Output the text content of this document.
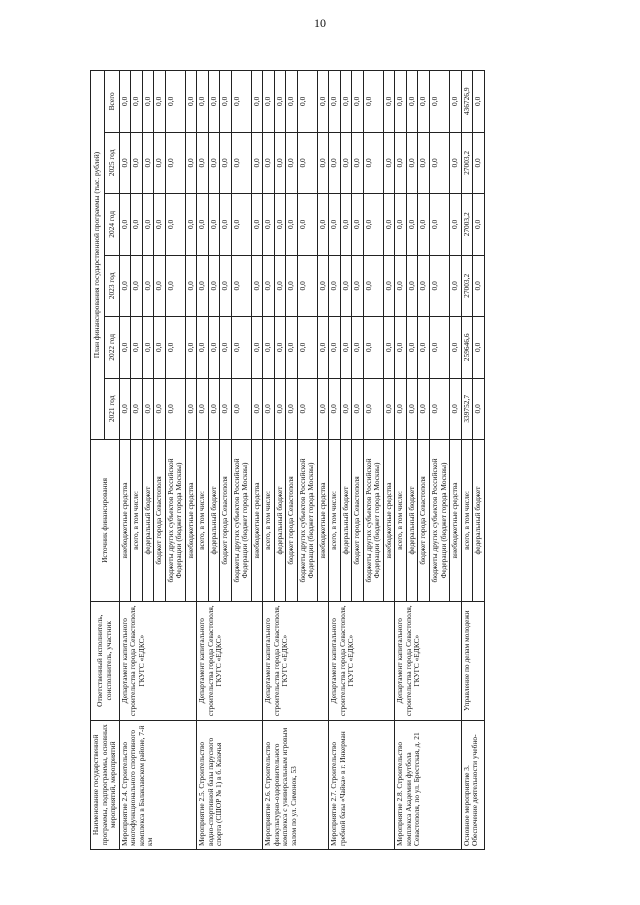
10
Наименование государственной программы, подпрограммы, основных мероприятий, мероприятий	Ответственный исполнитель, соисполнитель, участник	Источник финансирования	План финансирования государственной программы (тыс. рублей)					
			2021 год	2022 год	2023 год	2024 год	2025 год	Всего
Мероприятие 2.4. Строительство многофункционального спортивного комплекса в Балаклавском районе, 7-й км	Департамент капитального строительства города Севастополя, ГКУГС «ЕДКС»	внебюджетные средства	0,0	0,0	0,0	0,0	0,0	0,0
		всего, в том числе:	0,0	0,0	0,0	0,0	0,0	0,0
		федеральный бюджет	0,0	0,0	0,0	0,0	0,0	0,0
		бюджет города Севастополя	0,0	0,0	0,0	0,0	0,0	0,0
		бюджеты других субъектов Российской Федерации (бюджет города Москвы)	0,0	0,0	0,0	0,0	0,0	0,0
		внебюджетные средства	0,0	0,0	0,0	0,0	0,0	0,0
Мероприятие 2.5. Строительство воднo-спортивной базы парусного спорта (СШОР № 1) в б. Казачья	Департамент капитального строительства города Севастополя, ГКУГС «ЕДКС»	всего, в том числе:	0,0	0,0	0,0	0,0	0,0	0,0
		федеральный бюджет	0,0	0,0	0,0	0,0	0,0	0,0
		бюджет города Севастополя	0,0	0,0	0,0	0,0	0,0	0,0
		бюджеты других субъектов Российской Федерации (бюджет города Москвы)	0,0	0,0	0,0	0,0	0,0	0,0
		внебюджетные средства	0,0	0,0	0,0	0,0	0,0	0,0
Мероприятие 2.6. Строительство физкультурно-оздоровительного комплекса с универсальным игровым залом по ул. Симонок, 53	Департамент капитального строительства города Севастополя, ГКУГС «ЕДКС»	всего, в том числе:	0,0	0,0	0,0	0,0	0,0	0,0
		федеральный бюджет	0,0	0,0	0,0	0,0	0,0	0,0
		бюджет города Севастополя	0,0	0,0	0,0	0,0	0,0	0,0
		бюджеты других субъектов Российской Федерации (бюджет города Москвы)	0,0	0,0	0,0	0,0	0,0	0,0
		внебюджетные средства	0,0	0,0	0,0	0,0	0,0	0,0
Мероприятие 2.7. Строительство гребной базы «Чайка» в г. Инкерман	Департамент капитального строительства города Севастополя, ГКУГС «ЕДКС»	всего, в том числе:	0,0	0,0	0,0	0,0	0,0	0,0
		федеральный бюджет	0,0	0,0	0,0	0,0	0,0	0,0
		бюджет города Севастополя	0,0	0,0	0,0	0,0	0,0	0,0
		бюджеты других субъектов Российской Федерации (бюджет города Москвы)	0,0	0,0	0,0	0,0	0,0	0,0
		внебюджетные средства	0,0	0,0	0,0	0,0	0,0	0,0
Мероприятие 2.8. Строительство комплекса Академии футбола Севастополя, по ул. Брестская, д. 21	Департамент капитального строительства города Севастополя, ГКУГС «ЕДКС»	всего, в том числе:	0,0	0,0	0,0	0,0	0,0	0,0
		федеральный бюджет	0,0	0,0	0,0	0,0	0,0	0,0
		бюджет города Севастополя	0,0	0,0	0,0	0,0	0,0	0,0
		бюджеты других субъектов Российской Федерации (бюджет города Москвы)	0,0	0,0	0,0	0,0	0,0	0,0
		внебюджетные средства	0,0	0,0	0,0	0,0	0,0	0,0
Основное мероприятие 3. Обеспечение деятельности учебно-	Управление по делам молодежи	всего, в том числе:	339752,7	259646,6	27003,2	27003,2	27003,2	436726,9
		федеральный бюджет	0,0	0,0	0,0	0,0	0,0	0,0
